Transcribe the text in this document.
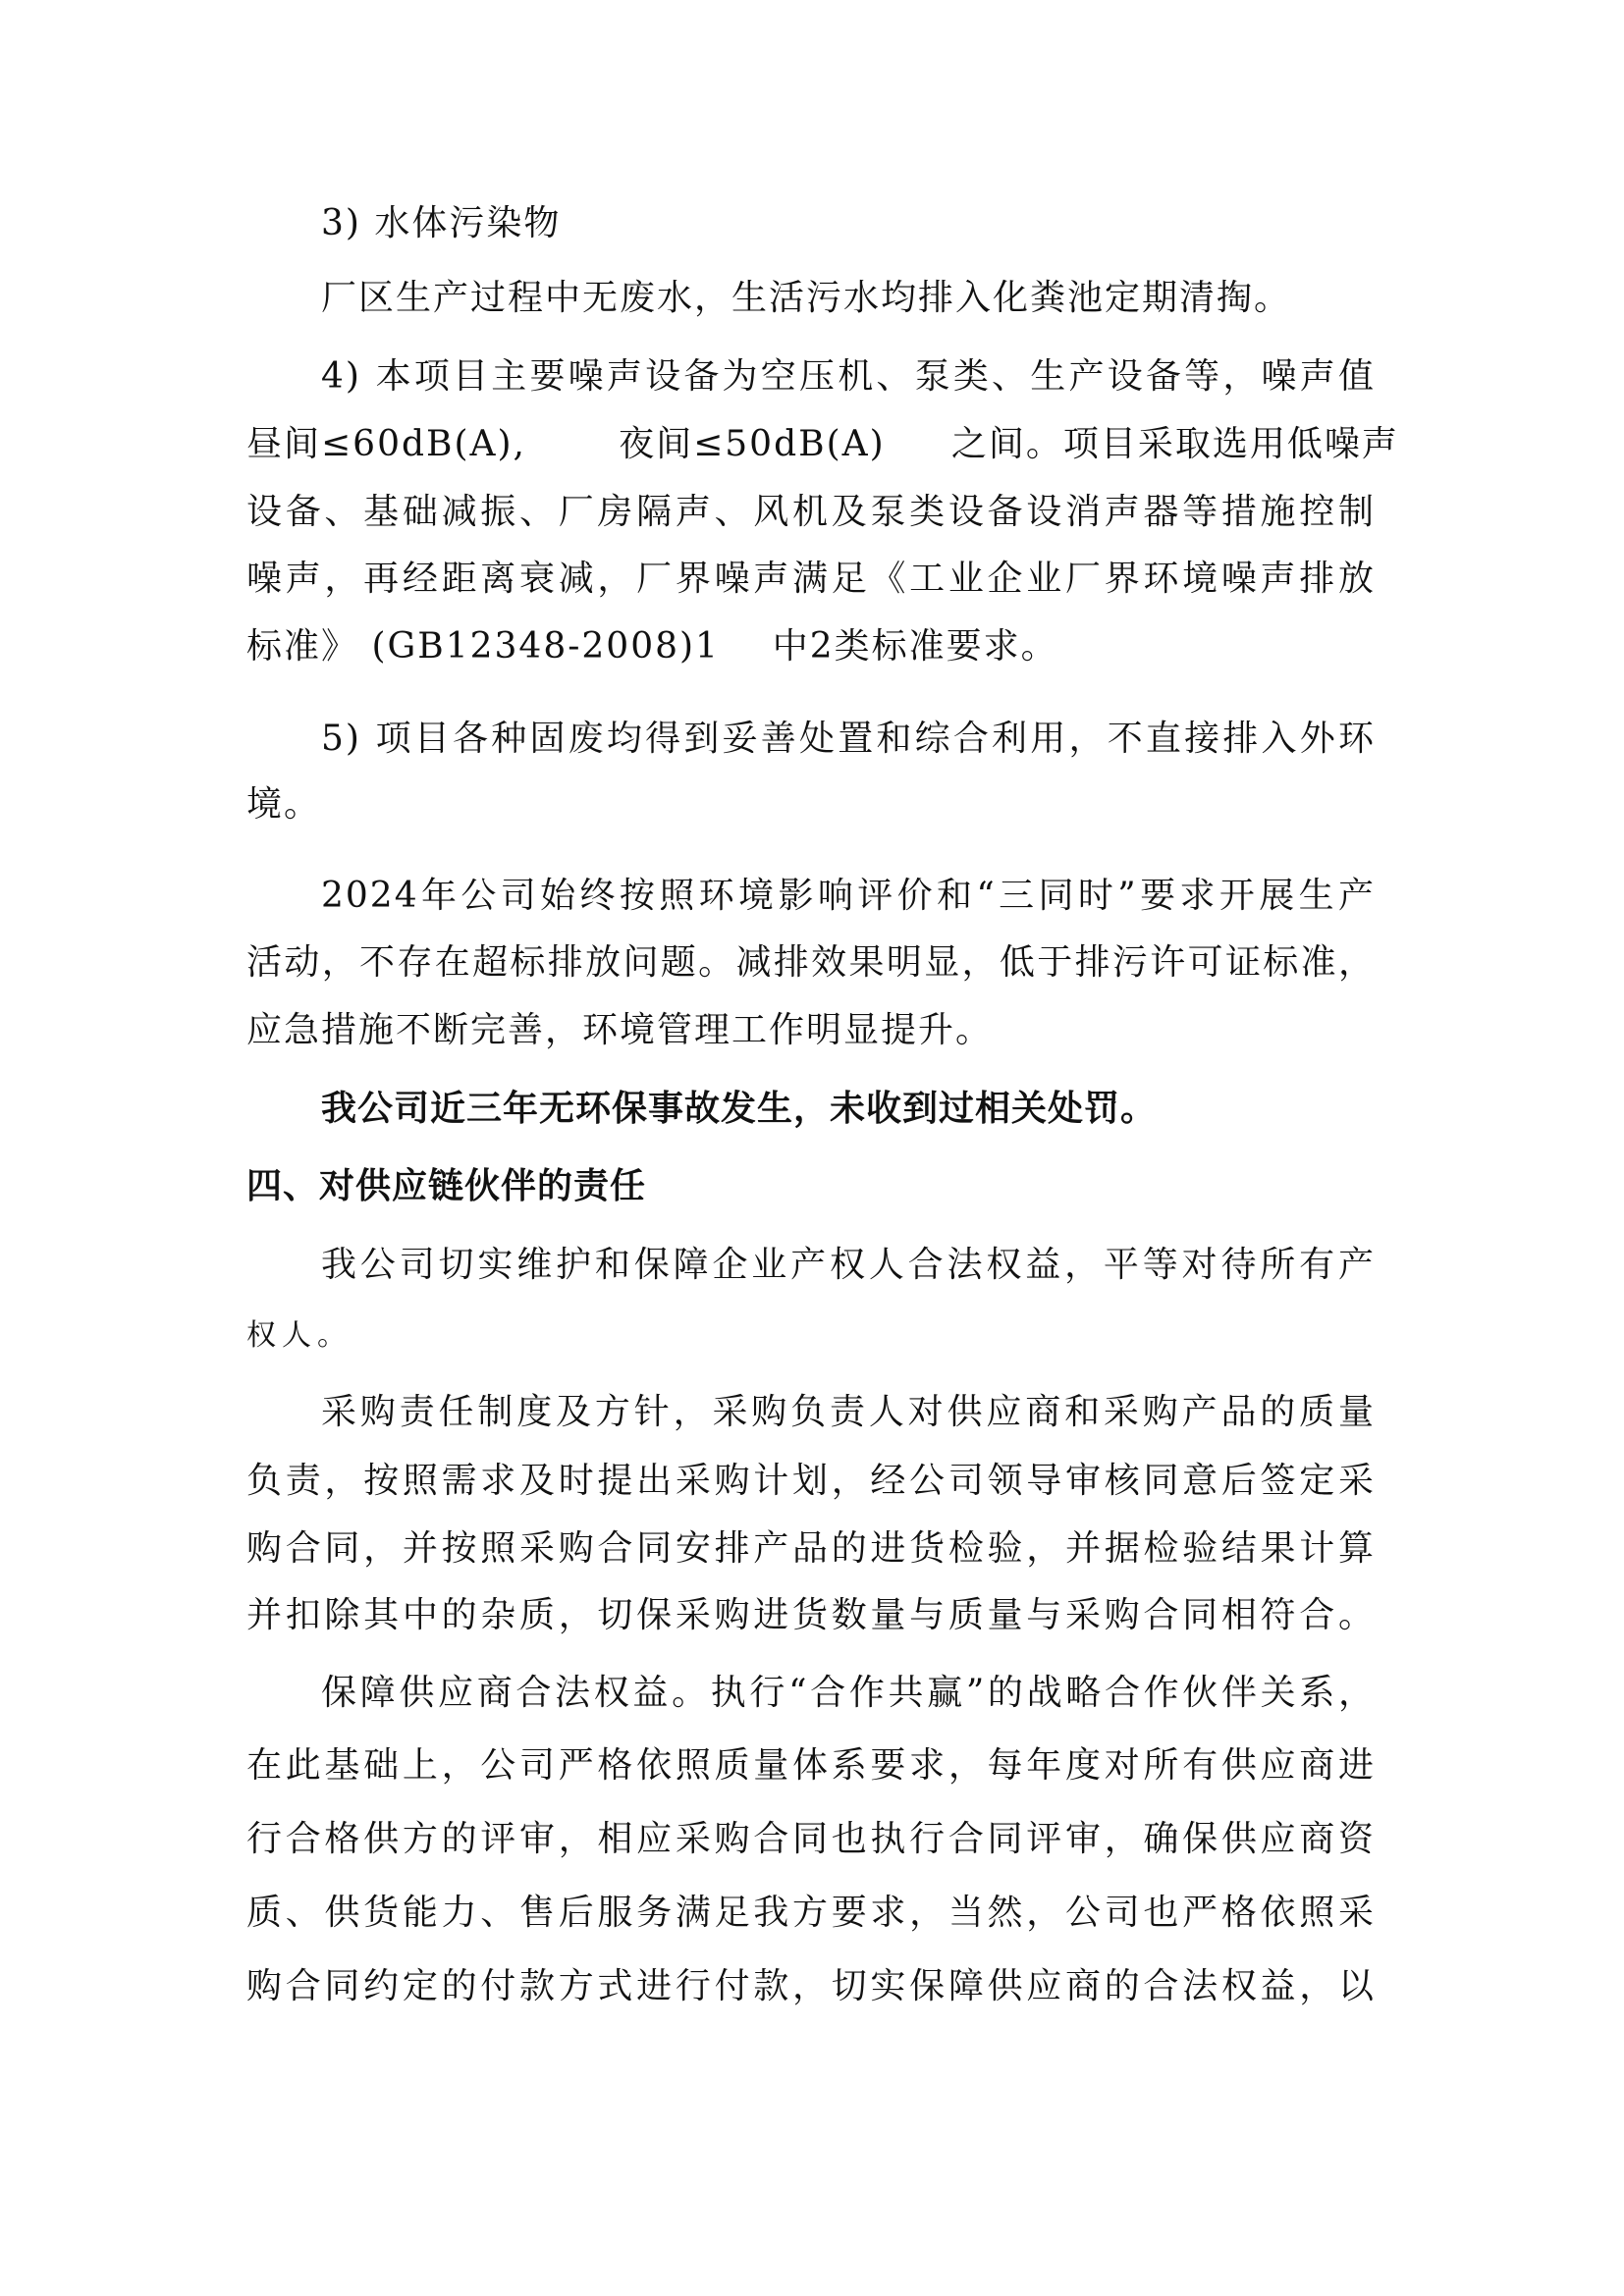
3) 水体污染物
厂区生产过程中无废水，生活污水均排入化粪池定期清掏。
4) 本项目主要噪声设备为空压机、泵类、生产设备等，噪声值
昼间≤60dB(A),       夜间≤50dB(A)     之间。项目采取选用低噪声
设备、基础减振、厂房隔声、风机及泵类设备设消声器等措施控制
噪声，再经距离衰减，厂界噪声满足《工业企业厂界环境噪声排放
标准》 (GB12348-2008)1    中2类标准要求。
5) 项目各种固废均得到妥善处置和综合利用，不直接排入外环
境。
2024年公司始终按照环境影响评价和“三同时”要求开展生产
活动，不存在超标排放问题。减排效果明显，低于排污许可证标准，
应急措施不断完善，环境管理工作明显提升。
我公司近三年无环保事故发生，未收到过相关处罚。
四、对供应链伙伴的责任
我公司切实维护和保障企业产权人合法权益，平等对待所有产
权人。
采购责任制度及方针，采购负责人对供应商和采购产品的质量
负责，按照需求及时提出采购计划，经公司领导审核同意后签定采
购合同，并按照采购合同安排产品的进货检验，并据检验结果计算
并扣除其中的杂质，切保采购进货数量与质量与采购合同相符合。
保障供应商合法权益。执行“合作共赢”的战略合作伙伴关系，
在此基础上，公司严格依照质量体系要求，每年度对所有供应商进
行合格供方的评审，相应采购合同也执行合同评审，确保供应商资
质、供货能力、售后服务满足我方要求，当然，公司也严格依照采
购合同约定的付款方式进行付款，切实保障供应商的合法权益，以
